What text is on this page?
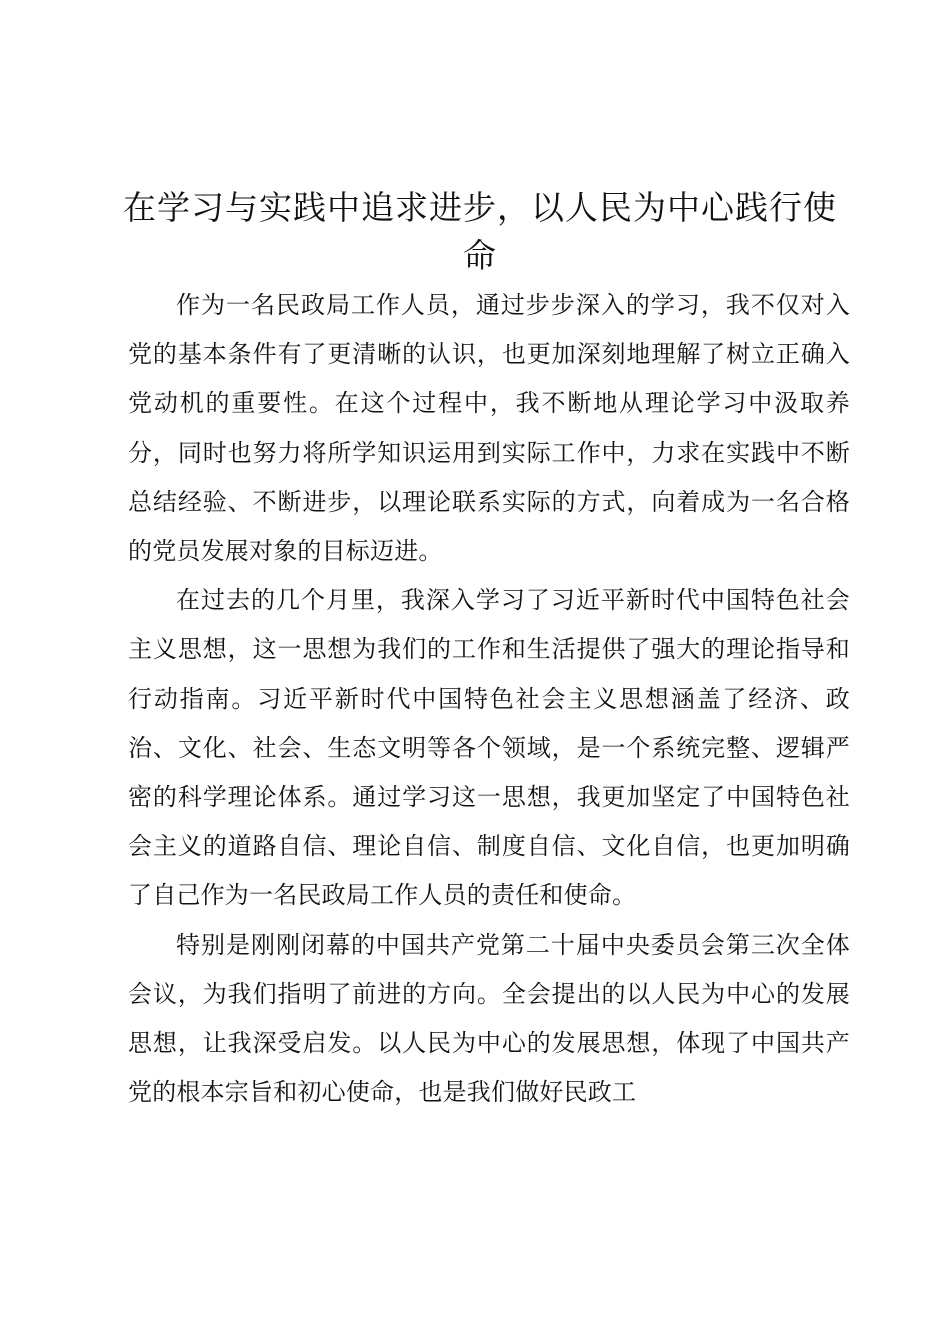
在学习与实践中追求进步，以人民为中心践行使命

作为一名民政局工作人员，通过步步深入的学习，我不仅对入党的基本条件有了更清晰的认识，也更加深刻地理解了树立正确入党动机的重要性。在这个过程中，我不断地从理论学习中汲取养分，同时也努力将所学知识运用到实际工作中，力求在实践中不断总结经验、不断进步，以理论联系实际的方式，向着成为一名合格的党员发展对象的目标迈进。

在过去的几个月里，我深入学习了习近平新时代中国特色社会主义思想，这一思想为我们的工作和生活提供了强大的理论指导和行动指南。习近平新时代中国特色社会主义思想涵盖了经济、政治、文化、社会、生态文明等各个领域，是一个系统完整、逻辑严密的科学理论体系。通过学习这一思想，我更加坚定了中国特色社会主义的道路自信、理论自信、制度自信、文化自信，也更加明确了自己作为一名民政局工作人员的责任和使命。

特别是刚刚闭幕的中国共产党第二十届中央委员会第三次全体会议，为我们指明了前进的方向。全会提出的以人民为中心的发展思想，让我深受启发。以人民为中心的发展思想，体现了中国共产党的根本宗旨和初心使命，也是我们做好民政工
